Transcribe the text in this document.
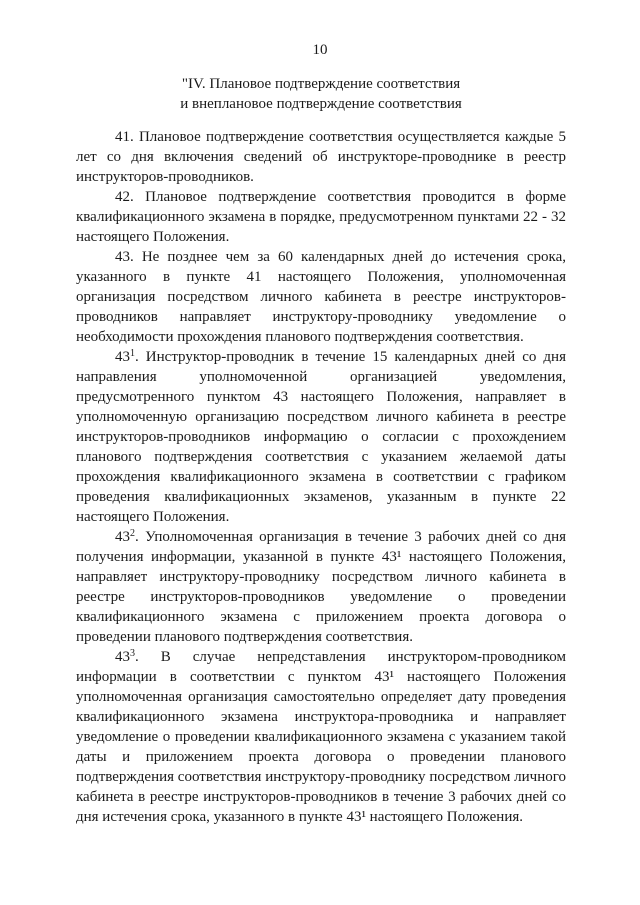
10
"IV. Плановое подтверждение соответствия
и внеплановое подтверждение соответствия

41. Плановое подтверждение соответствия осуществляется каждые 5 лет со дня включения сведений об инструкторе-проводнике в реестр инструкторов-проводников.

42. Плановое подтверждение соответствия проводится в форме квалификационного экзамена в порядке, предусмотренном пунктами 22 - 32 настоящего Положения.

43. Не позднее чем за 60 календарных дней до истечения срока, указанного в пункте 41 настоящего Положения, уполномоченная организация посредством личного кабинета в реестре инструкторов-проводников направляет инструктору-проводнику уведомление о необходимости прохождения планового подтверждения соответствия.

$43^1$. Инструктор-проводник в течение 15 календарных дней со дня направления уполномоченной организацией уведомления, предусмотренного пунктом 43 настоящего Положения, направляет в уполномоченную организацию посредством личного кабинета в реестре инструкторов-проводников информацию о согласии с прохождением планового подтверждения соответствия с указанием желаемой даты прохождения квалификационного экзамена в соответствии с графиком проведения квалификационных экзаменов, указанным в пункте 22 настоящего Положения.

$43^2$. Уполномоченная организация в течение 3 рабочих дней со дня получения информации, указанной в пункте 43¹ настоящего Положения, направляет инструктору-проводнику посредством личного кабинета в реестре инструкторов-проводников уведомление о проведении квалификационного экзамена с приложением проекта договора о проведении планового подтверждения соответствия.

$43^3$. В случае непредставления инструктором-проводником информации в соответствии с пунктом 43¹ настоящего Положения уполномоченная организация самостоятельно определяет дату проведения квалификационного экзамена инструктора-проводника и направляет уведомление о проведении квалификационного экзамена с указанием такой даты и приложением проекта договора о проведении планового подтверждения соответствия инструктору-проводнику посредством личного кабинета в реестре инструкторов-проводников в течение 3 рабочих дней со дня истечения срока, указанного в пункте 43¹ настоящего Положения.
